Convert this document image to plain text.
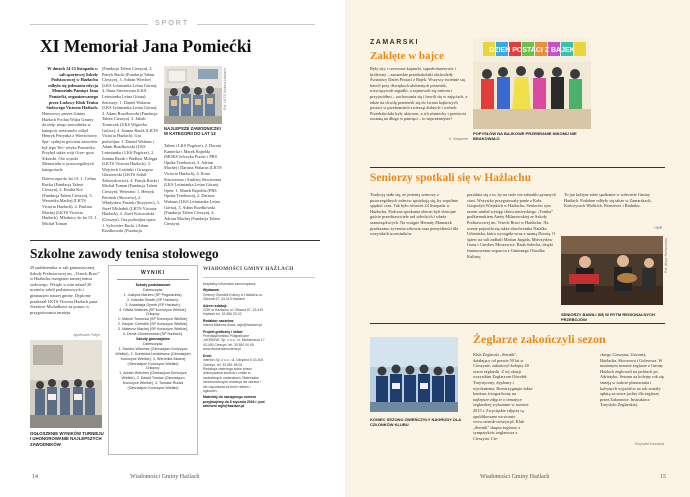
SPORT
XI Memoriał Jana Pomiećki
W dniach 14-15 listopada w sali sportowej Szkoły Podstawowej w Hażlachu odbyła się jedenasta edycja Memoriału Pamięci Jana Pomiećki, organizowanego przez Ludowy Klub Tenisa Stołowego Victoria Hażlach.
Honorowy prezes Gminy Hażlach Pochat Wójta Gminy da radę- niego nawodnika w kategorii weteranów odbył Henryk Petrynka z Wierzchowy. Spe- cjalnym gościem zawodów był jego Teo- retyka Pomiećko. Przybył także wójt Grze- gorz Sikorski. Oto wyniki Memoriału w poszczególnych kategoriach:
Dziewczęta do lat 13: 1. Celina Rucka (Fundacja Talent Cieszyn), 2. Emilia Kot (Fundacja Talent Cieszyn), 3. Weronika Machej (LKTS Victoria Hażlach), 4. Paulina Machej (LKTS Victoria Hażlach). Młodzicy do lat 15: 1. Michał Toman
(Fundacja Talent Cieszyn), 2. Patryk Rucki (Fundacja Talent Cieszyn), 3. Adrian Wiecheć (LKS Leśmianka Leśna Górna), 4. Ilona Sitwierzina (LKS Leśmianka Leśna Górna). Seniorzy: 1. Daniel Walarus (LKS Leśmianka Leśna Górna), 2. Adam Rozdkowski (Fundacja Talent Cieszyn), 3. Jakub Tomiczek (UKS Wigierka Golica), 4. Joanna Rzoik (LKTS Victoria Hażlach). Gra podwójna: 1. Daniel Walarus i Adam Rozdkowski (LKS Leśmianka i LKS Pogórze), 2. Joanna Rzoik i Wadlaw Mitręga (LKTS Victoria Hażlach), 3. Wojciech Lesiński i Grzegorz Gluszewski (LKTS Sokół Żebrzydowice), 4. Patryk Rucki i Michał Toman (Fundacja Talent Cieszyn). Weterani: 1. Henryk Petrinek (Skoczów), 2. Władysław Paszek (Strzyżów), 3. Józef Michałek (LKTS Victoria Hażlach), 4. Józef Kotowiński (Cieszyn). Gra podwójna open: 1. Sylwester Rucki i Adam Rozdkowski (Fundacja
Fot. LKTS Victoria Hażlach
NAJLEPSZE ZAWODNICZKI W KATEGORII DO LAT 13
Talent i LKS Pogórze), 2. Dorota Kaniecka i Marek Rajtelda (MOKS Jelczyka Pszów i PRS Opoka Trzebnica), 3. Adrian Machej i Dariusz Walarus (LKTS Victoria Hażlach), 4. Ilona Sitwierzina i Andrzej Sitwierzina (LKS Leśmianka Leśna Górna). Open: 1. Marek Rajtelda (PRS Opoka Trzebnica), 2. Dariusz Walarus (LKS Leśmianka Leśna Górna), 3. Adam Rozdkowski (Fundacja Talent Cieszyn), 4. Adrian Machej (Fundacja Talent Cieszyn).
Szkolne zawody tenisa stołowego
29 października w sali gimnastycznej Szkoły Podstawowej im. „Trzech Braci” w Hażlachu rozegrano turniej tenisa stołowego. Wzięło w nim udział 30 uczniów szkół podstawowych i gimnazjów naszej gminy. Dyplomy przekazał LKTS Victoria Hażlach pana Józefowi Michałkowi za pomoc w przygotowaniu turnieju.
Agnieszka Foltyn
OGŁOSZENIE WYNIKÓW TURNIEJU I UHONOROWANIE NAJLEPSZYCH ZAWODNIKÓW
WYNIKI
Szkoły podstawowe
Dziewczęta:
1. Justyna Marzec (SP Pogwizdów),
2. Klaudia Słowik (SP Hażlach),
3. Anastazja Dymitr (SP Hażlach),
4. Oliwia Walenta (SP Kończyce Wielkie).
Chłopcy:
1. Marcin Tomecka (SP Kończyce Wielkie),
2. Kacper Czendlik (SP Kończyce Wielkie),
3. Mateusz Machej (SP Kończyce Wielkie),
4. Denis Chodecowski (SP Hażlach).
Szkoły gimnazjalne
Dziewczęta:
1. Sandra Wiecheć (Gimnazjum Kończyce Wielkie), 2. Dominika Lesikiewicz (Gimnazjum Kończyce Wielkie), 3. Weronika Machej (Gimnazjum Kończyce Wielkie)
Chłopcy:
1. Adrian Wiecheć (Gimnazjum Kończyce Wielkie), 2. Dawid Tomica (Gimnazjum Kończyce Wielkie), 3. Tomasz Rucka (Gimnazjum Kończyce Wielkie)
WIADOMOŚCI GMINY HAŻLACH
bezpłatny informator samorządowy
Wydawca:
Gminny Ośrodek Kultury w Hażlachu ul. Główna 57, 43-419 Hażlach
Adres redakcji:
GOK w Hażlachu ul. Główna 57, 43-419 Hażlach tel. 33 856 93 02
Redaktor naczelna:
Hanna Młokosz-Boca, wgh@hazlach.pl
Projekt graficzny i skład:
Przedsiębiorstwo Poligraficzne „MODENA” Sp. z o.o., ul. Mickiewicza 17 43-400 Cieszyn, tel. 33 852 00 65 www.drukarniamodena.pl
Druk:
Interfon Sp. z o.o., ul. Okrężna 5 43-400 Cieszyn, tel. 33 851 55 06
Redakcja zastrzega sobie prawo dokonywania skrótów i zmian w nadesłanych materiałach. Materiałów niezamówionych redakcja nie zwraca i nie odpowiada za treść reklam i ogłoszeń.
Materiały do następnego numeru przyjmujemy do 8 stycznia 2016 r. pod adresem wgh@hazlach.pl
14	Wiadomości Gminy Hażlach
ZAMARSKI
Zaklęte w bajce
Były sity i czerwone kapturki, superbohaterowie i królewny – zamarskie przedszkolaki obchodziły Światowy Dzień Postaci z Bajek. Wszyscy świetnie się bawili przy dźwiękach ulubionych piosenek, rozwiązywali zagadki, a zajmowali się tańcem i przyjaciółmi – zachowania się i bawili się w zajęciach, a także na chwilę przeniesli się do świata bajkowych postaci w przebraniach zwierząt dobrych i wróżek. Przedszkolaki były aktywne, a ich uśmiechy i przeżycia zostaną na długo w pamięci – to najważniejsze!
K. Kasperek
DZIEŃ POSTACI Z BAJEK
POPYSŁÓW NA BAJKOWE PRZEBRANIE NIKOMU NIE BRAKOWAŁO
Seniorzy spotkali się w Hażlachu
Tradycją stało się, że jesienią seniorzy z poszczególnych sołectw spotykają się, by wspólnie spędzić czas. Tak było również 24 listopada w Hażlachu. Podczas spotkania obecni byli dostojne goście przedstawiciele rad sołeckich i władz samorządowych. Na wstępie Hernaty Mamarek przekazano życzenia zdrowia oraz pomyślności dla wszystkich uczestników.
portalnia się z tu, by na stole nie zabrakło pysznych ciast. Wszystko przygotowały panie z Koła Gospodyń Wiejskich w Hażlachu. Seniorów tym razem umilał występ chóru seniorskiego „Tomka” podkierunkiem Anety Milanowskiej ze Szkoły Podstawowej im. Trzech Braci w Hażlachu. Na scenie pojawiła się także absolwentka Natalka Urbaniska, która wystąpiła wraz z mamą Dorotą. O śpiew na sali zadbali Marian Jurgała, Mieczysław Gona i Czesław Mrozewicz. Rada Sołecka, dzięki finansowemu wsparciu z Gminnego Ośrodka Kultury,
To już kolejne takie spotkanie w sołectwie Gminy Hażlach. Podobne odbyły się także w Zamarskach, Kończycach Wielkich, Brzeziwie i Rudniku.
HMB
Fot. Alicja Sieńkowska
SENIORZY BAWILI SIĘ W RYTM REGIONALNYCH PRZEBOJÓW
KONIEC SEZONU ZWIEŃCZYŁY NAGRODY DLA CZŁONKÓW KLUBU
Żeglarze zakończyli sezon
Klub Żeglarski „Sternik”, działający od prawie 50 lat w Cieszynie, zakończył kolejny 40 sezon żeglarski. Z tej okazji wszystkim Żeglarzom Ośrodek Turystyczny, dyplomy i wyróżnienia. Rozstrzygnięto także konkurs fotograficzny na najlepsze zdjęcie o tematyce żeglarskiej wykonane w sezonie 2015 r. Zwycięskie zdjęcia są opublikowane na stronie www.sternik-cieszyn.pl. Klub „Sternik” skupia żeglarzy z sympatyków żeglarstwa z Cieszyna, Cie-
ckiego Cieszyna, Ustronia, Hażlacha, Skoczowa i Golesowa. W minionym sezonie żeglarze z Gminy Hażlach żeglowali na jachtach po Adriatyku. Sezonu za kolejny rok się śmieją w trakcie planowania i kolejnych wyjazdów za rok zostały opłatą za nowe jachty dla żeglarzy przez Zakonnice. Instruktora Turystyki Żeglarskiej.
Krzysztof Kasztura
Wiadomości Gminy Hażlach	15
